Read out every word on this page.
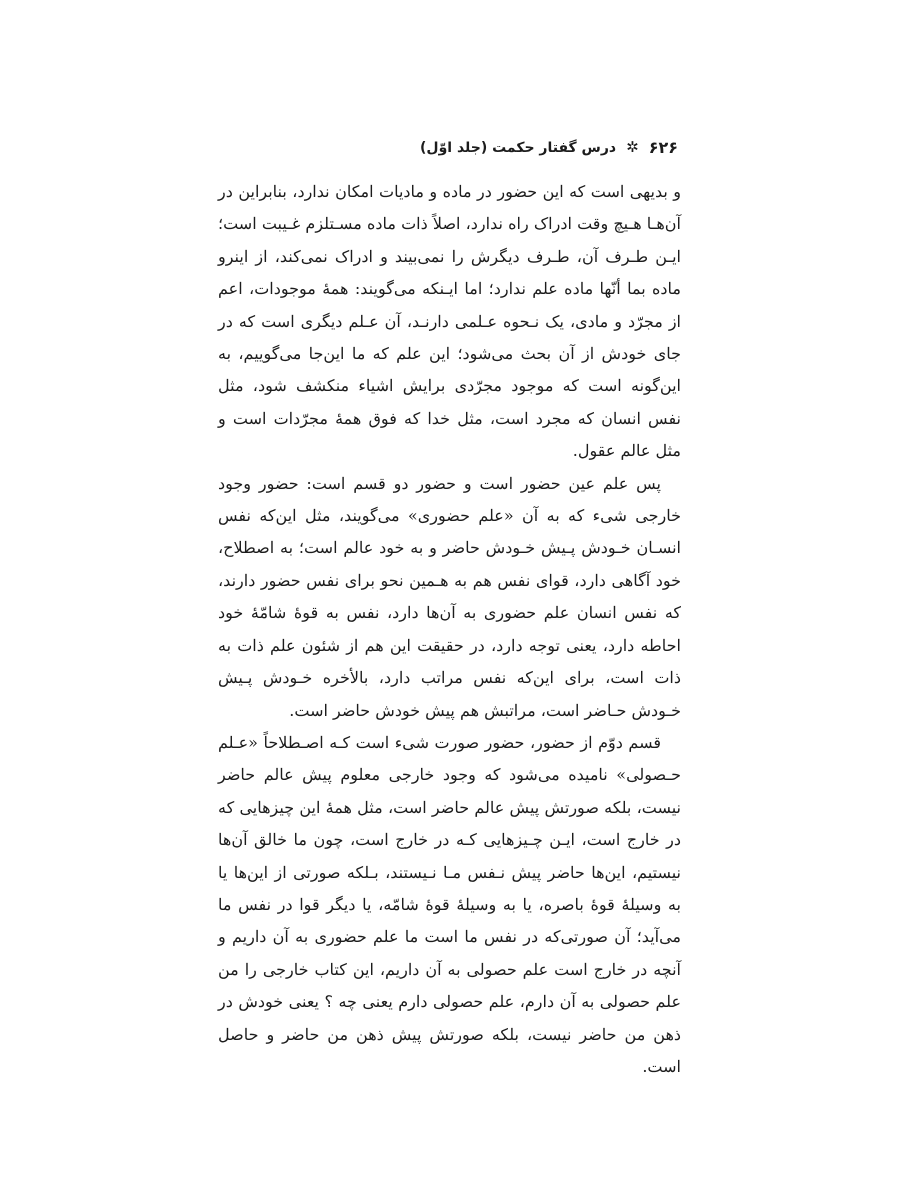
۶۲۶
✲
درس گفتار حکمت (جلد اوّل)

و بدیهی است که این حضور در ماده و مادیات امکان ندارد، بنابراین در آن‌هـا هـیچ وقت ادراک راه ندارد، اصلاً ذات ماده مسـتلزم غـیبت است؛ ایـن طـرف آن، طـرف دیگرش را نمی‌بیند و ادراک نمی‌کند، از اینرو ماده بما أنّها ماده علم ندارد؛ اما ایـنکه می‌گویند: همهٔ موجودات، اعم از مجرّد و مادی، یک نـحوه عـلمی دارنـد، آن عـلم دیگری است که در جای خودش از آن بحث می‌شود؛ این علم که ما این‌جا می‌گوییم، به این‌گونه است که موجود مجرّدی برایش اشیاء منکشف شود، مثل نفس انسان که مجرد است، مثل خدا که فوق همهٔ مجرّدات است و مثل عالم عقول.

پس علم عین حضور است و حضور دو قسم است: حضور وجود خارجی شیء که به آن «علم حضوری» می‌گویند، مثل این‌که نفس انسـان خـودش پـیش خـودش حاضر و به خود عالم است؛ به اصطلاح، خود آگاهی دارد، قوای نفس هم به هـمین نحو برای نفس حضور دارند، که نفس انسان علم حضوری به آن‌ها دارد، نفس به قوهٔ شامّهٔ خود احاطه دارد، یعنی توجه دارد، در حقیقت این هم از شئون علم ذات به ذات است، برای این‌که نفس مراتب دارد، بالأخره خـودش پـیش خـودش حـاضر است، مراتبش هم پیش خودش حاضر است.

قسم دوّم از حضور، حضور صورت شیء است کـه اصـطلاحاً «عـلم حـصولی» نامیده می‌شود که وجود خارجی معلوم پیش عالم حاضر نیست، بلکه صورتش پیش عالم حاضر است، مثل همهٔ این چیزهایی که در خارج است، ایـن چـیزهایی کـه در خارج است، چون ما خالق آن‌ها نیستیم، این‌ها حاضر پیش نـفس مـا نـیستند، بـلکه صورتی از این‌ها یا به وسیلهٔ قوهٔ باصره، یا به وسیلهٔ قوهٔ شامّه، یا دیگر قوا در نفس ما می‌آید؛ آن صورتی‌که در نفس ما است ما علم حضوری به آن داریم و آنچه در خارج است علم حصولی به آن داریم، این کتاب خارجی را من علم حصولی به آن دارم، علم حصولی دارم یعنی چه ؟ یعنی خودش در ذهن من حاضر نیست، بلکه صورتش پیش ذهن من حاضر و حاصل است.
